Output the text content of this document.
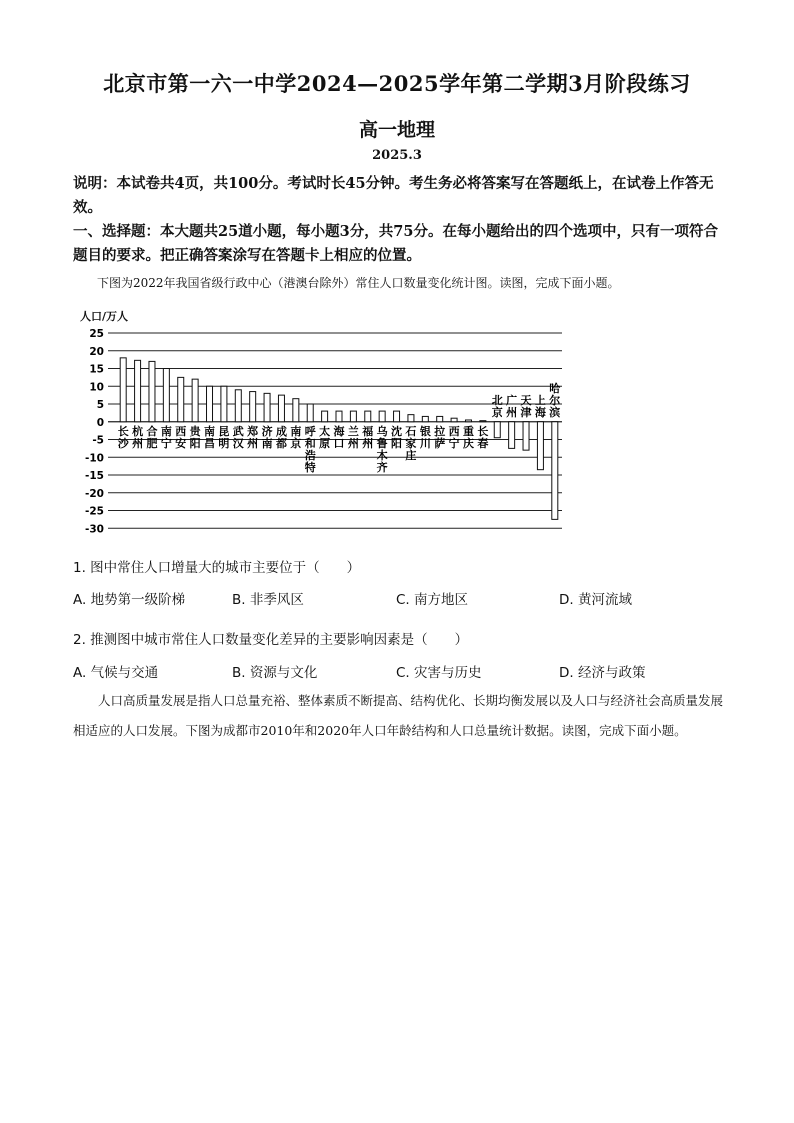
北京市第一六一中学2024—2025学年第二学期3月阶段练习
高一地理
2025.3
说明：本试卷共4页，共100分。考试时长45分钟。考生务必将答案写在答题纸上，在试卷上作答无效。
一、选择题：本大题共25道小题，每小题3分，共75分。在每小题给出的四个选项中，只有一项符合题目的要求。把正确答案涂写在答题卡上相应的位置。
下图为2022年我国省级行政中心（港澳台除外）常住人口数量变化统计图。读图，完成下面小题。
人口/万人
25
20
15
10
5
0
-5
-10
-15
-20
-25
-30
长沙
杭州
合肥
南宁
西安
贵阳
南昌
昆明
武汉
郑州
济南
成都
南京
呼和浩特
太原
海口
兰州
福州
乌鲁木齐
沈阳
石家庄
银川
拉萨
西宁
重庆
长春
北京
广州
天津
上海
哈尔滨
1. 图中常住人口增量大的城市主要位于（　　）
A. 地势第一级阶梯	B. 非季风区	C. 南方地区	D. 黄河流域
2. 推测图中城市常住人口数量变化差异的主要影响因素是（　　）
A. 气候与交通	B. 资源与文化	C. 灾害与历史	D. 经济与政策
人口高质量发展是指人口总量充裕、整体素质不断提高、结构优化、长期均衡发展以及人口与经济社会高质量发展相适应的人口发展。下图为成都市2010年和2020年人口年龄结构和人口总量统计数据。读图，完成下面小题。
